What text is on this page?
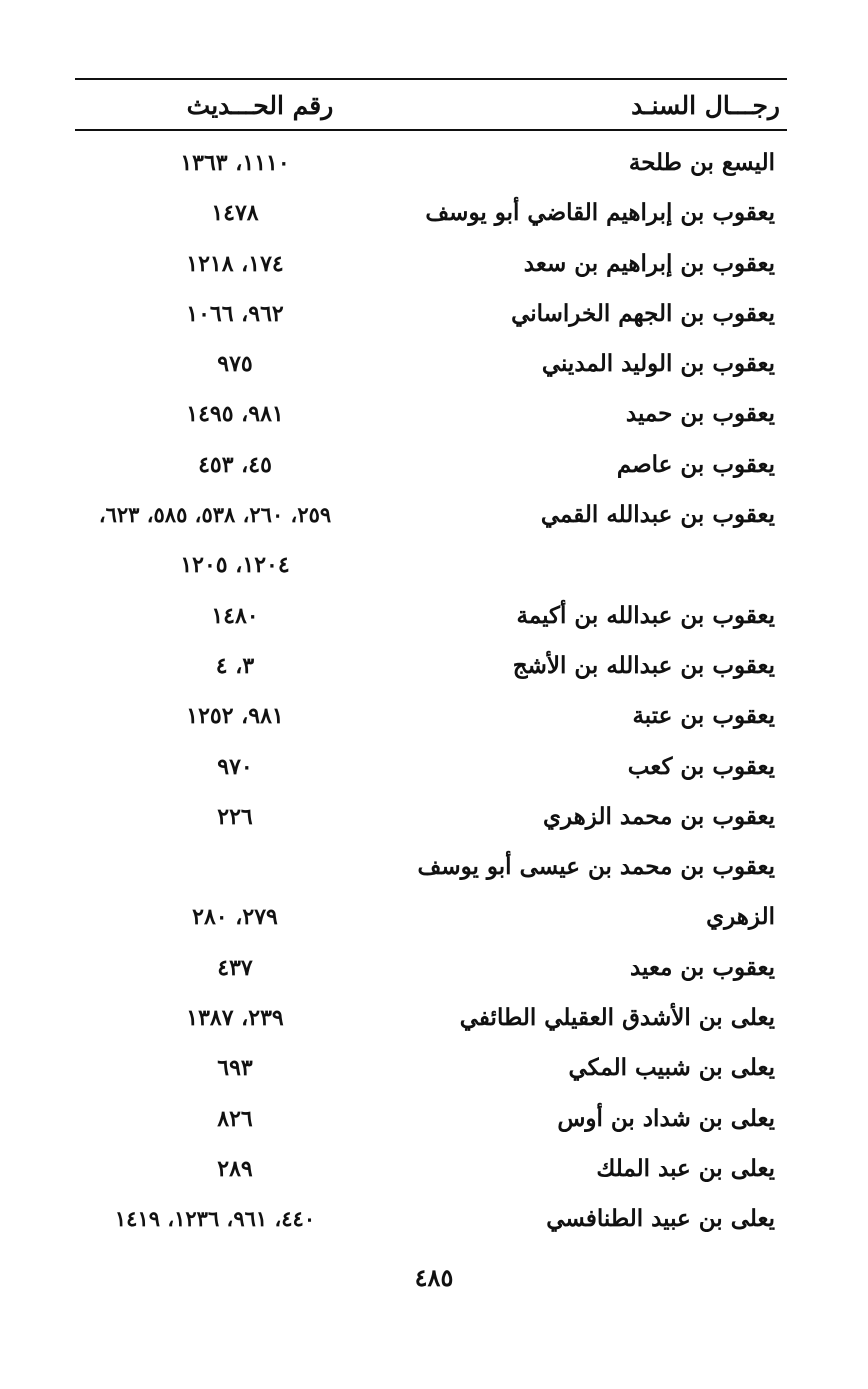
رجـــال السنـد
رقم الحـــديث
اليسع بن طلحة
١١١٠، ١٣٦٣
يعقوب بن إبراهيم القاضي أبو يوسف
١٤٧٨
يعقوب بن إبراهيم بن سعد
١٧٤، ١٢١٨
يعقوب بن الجهم الخراساني
٩٦٢، ١٠٦٦
يعقوب بن الوليد المديني
٩٧٥
يعقوب بن حميد
٩٨١، ١٤٩٥
يعقوب بن عاصم
٤٥، ٤٥٣
يعقوب بن عبدالله القمي
٢٥٩، ٢٦٠، ٥٣٨، ٥٨٥، ٦٢٣،
١٢٠٤، ١٢٠٥
يعقوب بن عبدالله بن أكيمة
١٤٨٠
يعقوب بن عبدالله بن الأشج
٣، ٤
يعقوب بن عتبة
٩٨١، ١٢٥٢
يعقوب بن كعب
٩٧٠
يعقوب بن محمد الزهري
٢٢٦
يعقوب بن محمد بن عيسى أبو يوسف
الزهري
٢٧٩، ٢٨٠
يعقوب بن معيد
٤٣٧
يعلى بن الأشدق العقيلي الطائفي
٢٣٩، ١٣٨٧
يعلى بن شبيب المكي
٦٩٣
يعلى بن شداد بن أوس
٨٢٦
يعلى بن عبد الملك
٢٨٩
يعلى بن عبيد الطنافسي
٤٤٠، ٩٦١، ١٢٣٦، ١٤١٩
٤٨٥
